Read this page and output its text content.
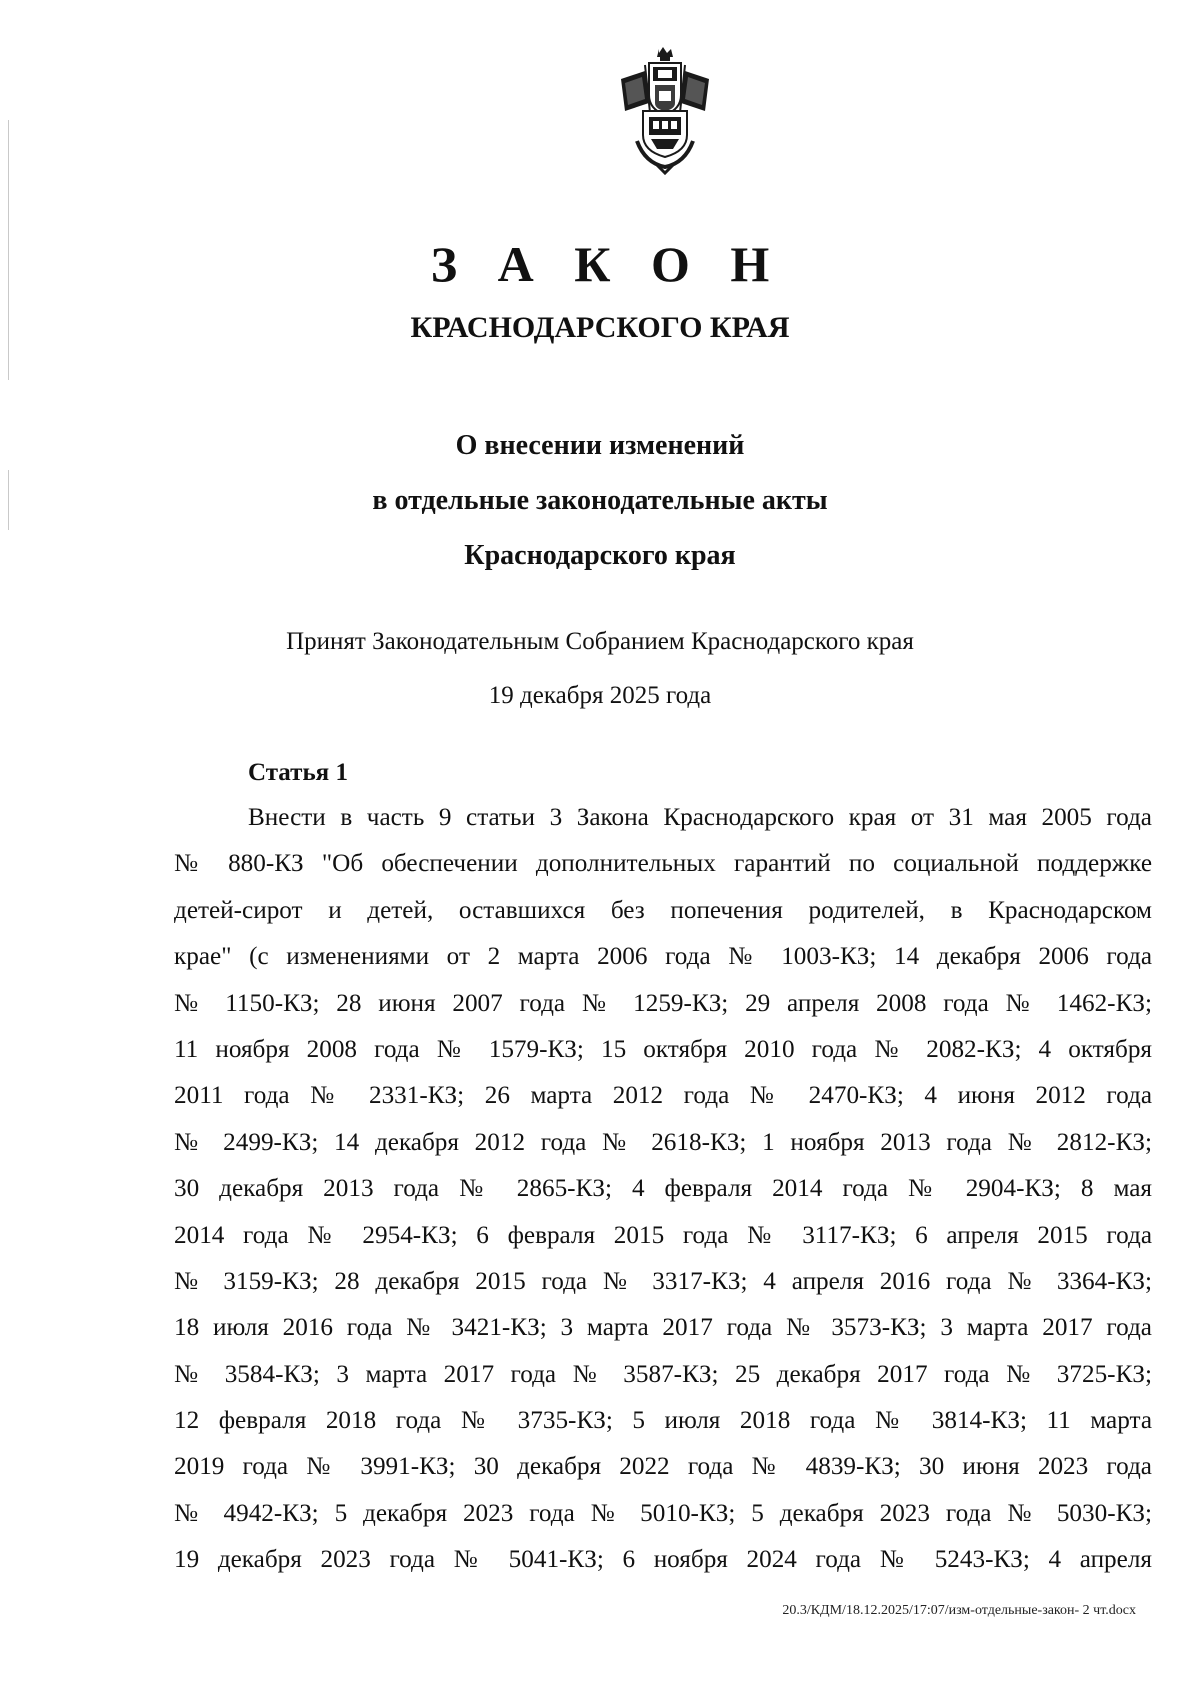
З А К О Н
КРАСНОДАРСКОГО КРАЯ
О внесении изменений
в отдельные законодательные акты
Краснодарского края
Принят Законодательным Собранием Краснодарского края
19 декабря 2025 года
Статья 1
Внести в часть 9 статьи 3 Закона Краснодарского края от 31 мая 2005 года
№ 880-КЗ "Об обеспечении дополнительных гарантий по социальной поддержке
детей-сирот и детей, оставшихся без попечения родителей, в Краснодарском
крае" (с изменениями от 2 марта 2006 года № 1003-КЗ; 14 декабря 2006 года
№ 1150-КЗ; 28 июня 2007 года № 1259-КЗ; 29 апреля 2008 года № 1462-КЗ;
11 ноября 2008 года № 1579-КЗ; 15 октября 2010 года № 2082-КЗ; 4 октября
2011 года № 2331-КЗ; 26 марта 2012 года № 2470-КЗ; 4 июня 2012 года
№ 2499-КЗ; 14 декабря 2012 года № 2618-КЗ; 1 ноября 2013 года № 2812-КЗ;
30 декабря 2013 года № 2865-КЗ; 4 февраля 2014 года № 2904-КЗ; 8 мая
2014 года № 2954-КЗ; 6 февраля 2015 года № 3117-КЗ; 6 апреля 2015 года
№ 3159-КЗ; 28 декабря 2015 года № 3317-КЗ; 4 апреля 2016 года № 3364-КЗ;
18 июля 2016 года № 3421-КЗ; 3 марта 2017 года № 3573-КЗ; 3 марта 2017 года
№ 3584-КЗ; 3 марта 2017 года № 3587-КЗ; 25 декабря 2017 года № 3725-КЗ;
12 февраля 2018 года № 3735-КЗ; 5 июля 2018 года № 3814-КЗ; 11 марта
2019 года № 3991-КЗ; 30 декабря 2022 года № 4839-КЗ; 30 июня 2023 года
№ 4942-КЗ; 5 декабря 2023 года № 5010-КЗ; 5 декабря 2023 года № 5030-КЗ;
19 декабря 2023 года № 5041-КЗ; 6 ноября 2024 года № 5243-КЗ; 4 апреля
20.3/КДМ/18.12.2025/17:07/изм-отдельные-закон- 2 чт.docx
